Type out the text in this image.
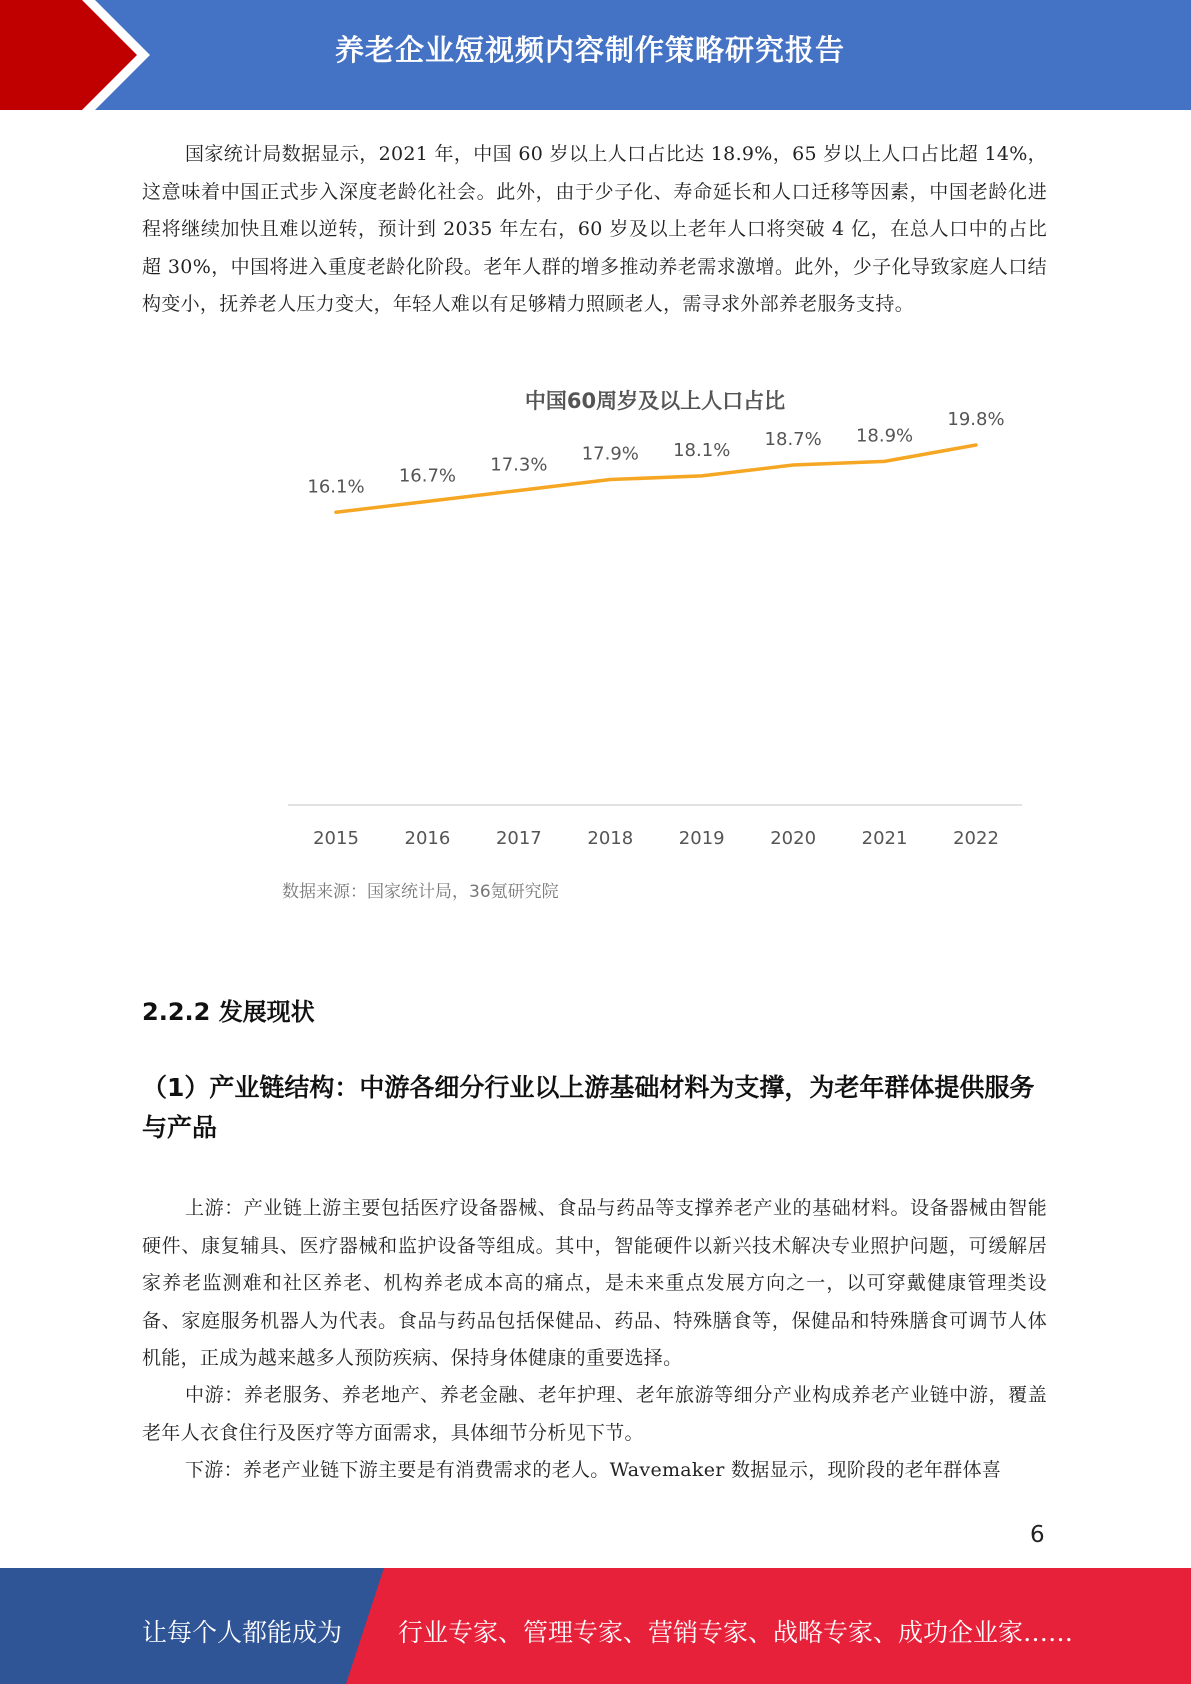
养老企业短视频内容制作策略研究报告

国家统计局数据显示，2021 年，中国 60 岁以上人口占比达 18.9%，65 岁以上人口占比超 14%，这意味着中国正式步入深度老龄化社会。此外，由于少子化、寿命延长和人口迁移等因素，中国老龄化进程将继续加快且难以逆转，预计到 2035 年左右，60 岁及以上老年人口将突破 4 亿，在总人口中的占比超 30%，中国将进入重度老龄化阶段。老年人群的增多推动养老需求激增。此外，少子化导致家庭人口结构变小，抚养老人压力变大，年轻人难以有足够精力照顾老人，需寻求外部养老服务支持。

16.1%
16.7%
17.3%
17.9% 18.1%
18.7% 18.9%
19.8%
2015	2016	2017	2018	2019	2020	2021	2022
中国60周岁及以上人口占比
数据来源：国家统计局，36氪研究院
2.2.2 发展现状
（1）产业链结构：中游各细分行业以上游基础材料为支撑，为老年群体提供服务与产品

上游：产业链上游主要包括医疗设备器械、食品与药品等支撑养老产业的基础材料。设备器械由智能硬件、康复辅具、医疗器械和监护设备等组成。其中，智能硬件以新兴技术解决专业照护问题，可缓解居家养老监测难和社区养老、机构养老成本高的痛点，是未来重点发展方向之一，以可穿戴健康管理类设备、家庭服务机器人为代表。食品与药品包括保健品、药品、特殊膳食等，保健品和特殊膳食可调节人体机能，正成为越来越多人预防疾病、保持身体健康的重要选择。

中游：养老服务、养老地产、养老金融、老年护理、老年旅游等细分产业构成养老产业链中游，覆盖老年人衣食住行及医疗等方面需求，具体细节分析见下节。

下游：养老产业链下游主要是有消费需求的老人。Wavemaker 数据显示，现阶段的老年群体喜

6
让每个人都能成为 行业专家、管理专家、营销专家、战略专家、成功企业家……
